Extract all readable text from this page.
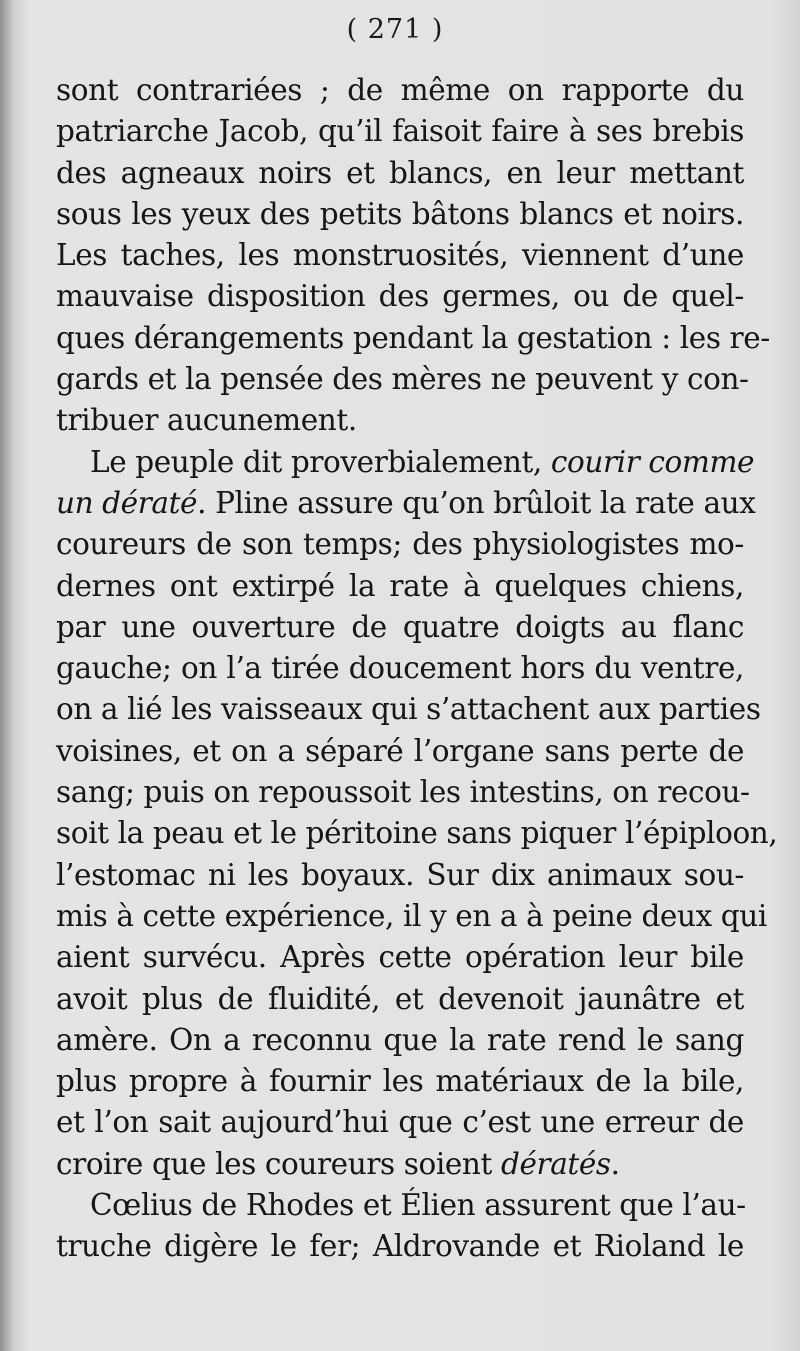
( 271 )
sont contrariées ; de même on rapporte du
patriarche Jacob, qu’il faisoit faire à ses brebis
des agneaux noirs et blancs, en leur mettant
sous les yeux des petits bâtons blancs et noirs.
Les taches, les monstruosités, viennent d’une
mauvaise disposition des germes, ou de quel-
ques dérangements pendant la gestation : les re-
gards et la pensée des mères ne peuvent y con-
tribuer aucunement.
Le peuple dit proverbialement, courir comme
un dératé. Pline assure qu’on brûloit la rate aux
coureurs de son temps; des physiologistes mo-
dernes ont extirpé la rate à quelques chiens,
par une ouverture de quatre doigts au flanc
gauche; on l’a tirée doucement hors du ventre,
on a lié les vaisseaux qui s’attachent aux parties
voisines, et on a séparé l’organe sans perte de
sang; puis on repoussoit les intestins, on recou-
soit la peau et le péritoine sans piquer l’épiploon,
l’estomac ni les boyaux. Sur dix animaux sou-
mis à cette expérience, il y en a à peine deux qui
aient survécu. Après cette opération leur bile
avoit plus de fluidité, et devenoit jaunâtre et
amère. On a reconnu que la rate rend le sang
plus propre à fournir les matériaux de la bile,
et l’on sait aujourd’hui que c’est une erreur de
croire que les coureurs soient dératés.
Cœlius de Rhodes et Élien assurent que l’au-
truche digère le fer; Aldrovande et Rioland le
